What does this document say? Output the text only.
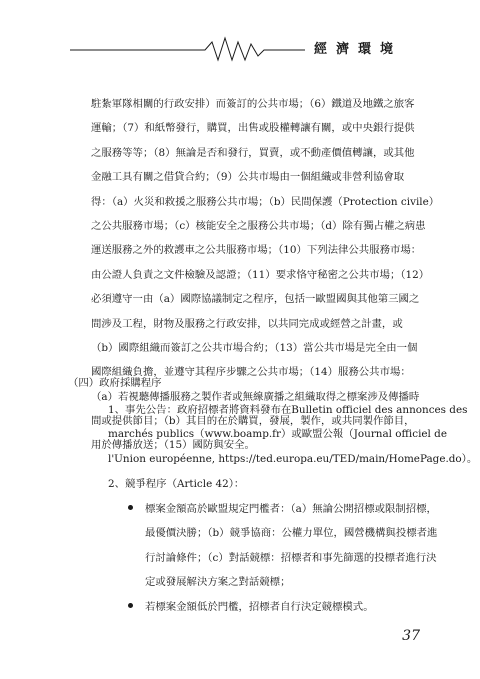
經濟環境
駐紮軍隊相關的行政安排）而簽訂的公共市場；（6）鐵道及地鐵之旅客
運輸；（7）和紙幣發行，購買，出售或股權轉讓有關，或中央銀行提供
之服務等等；（8）無論是否和發行，買賣，或不動產價值轉讓，或其他
金融工具有關之借貸合約；（9）公共市場由一個組織或非營利協會取
得：（a）火災和救援之服務公共市場；（b）民間保護（Protection civile）
之公共服務市場；（c）核能安全之服務公共市場；（d）除有獨占權之病患
運送服務之外的救護車之公共服務市場；（10）下列法律公共服務市場：
由公證人負責之文件檢驗及認證；（11）要求恪守秘密之公共市場；（12）
必須遵守一由（a）國際協議制定之程序，包括一歐盟國與其他第三國之
間涉及工程，財物及服務之行政安排，以共同完成或經營之計畫，或
（b）國際組織而簽訂之公共市場合約；（13）當公共市場是完全由一個
國際組織負擔，並遵守其程序步驟之公共市場；（14）服務公共市場：
（a）若視聽傳播服務之製作者或無線廣播之組織取得之標案涉及傳播時
間或提供節目；（b）其目的在於購買，發展，製作，或共同製作節目，
用於傳播放送；（15）國防與安全。
（四）政府採購程序
1、事先公告：政府招標者將資料發布在Bulletin officiel des annonces des
marchés publics（www.boamp.fr）或歐盟公報（Journal officiel de
l'Union européenne, https://ted.europa.eu/TED/main/HomePage.do）。
2、競爭程序（Article 42）：
標案金額高於歐盟規定門檻者：（a）無論公開招標或限制招標，
最優價決勝；（b）競爭協商：公權力單位，國營機構與投標者進
行討論條件；（c）對話競標：招標者和事先篩選的投標者進行決
定或發展解決方案之對話競標；
若標案金額低於門檻，招標者自行決定競標模式。
37
